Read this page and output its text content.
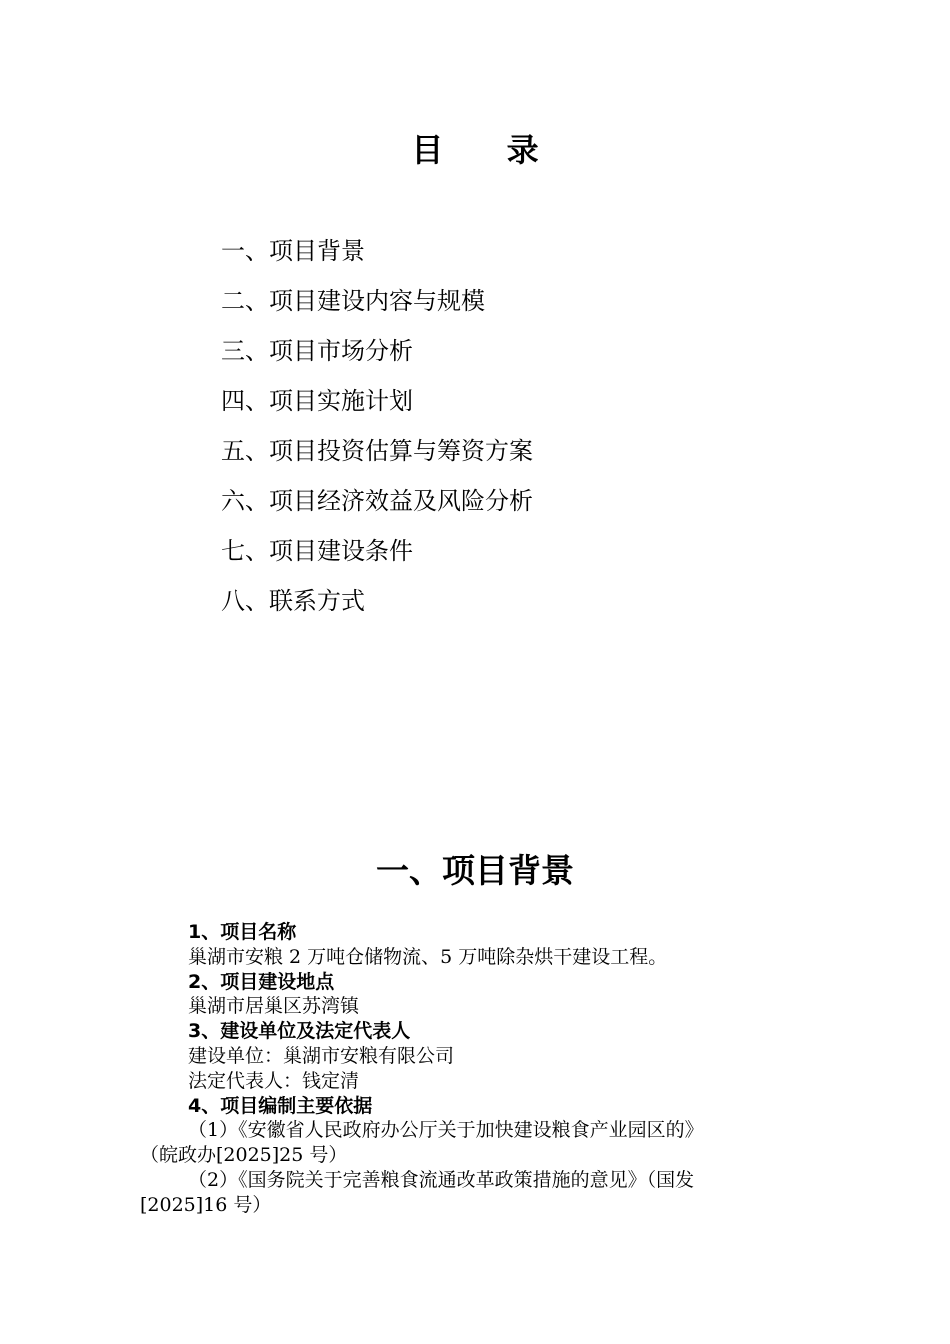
目 录
一、项目背景
二、项目建设内容与规模
三、项目市场分析
四、项目实施计划
五、项目投资估算与筹资方案
六、项目经济效益及风险分析
七、项目建设条件
八、联系方式
一、项目背景

1、项目名称

巢湖市安粮 2 万吨仓储物流、5 万吨除杂烘干建设工程。

2、项目建设地点

巢湖市居巢区苏湾镇

3、建设单位及法定代表人

建设单位：巢湖市安粮有限公司

法定代表人：钱定清

4、项目编制主要依据

（1）《安徽省人民政府办公厅关于加快建设粮食产业园区的》

（皖政办[2025]25 号）

（2）《国务院关于完善粮食流通改革政策措施的意见》（国发

[2025]16 号）
